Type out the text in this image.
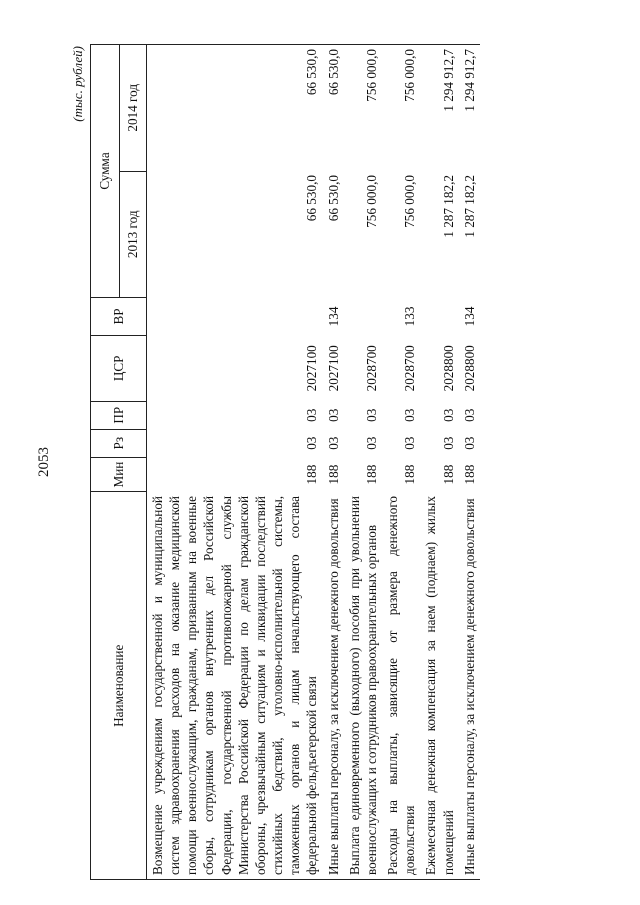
2053
(тыс. рублей)
Наименование	Мин	Рз	ПР	ЦСР	ВР	Сумма	
						2013 год	2014 год
Возмещение учреждениям государственной и муниципальной систем здравоохранения расходов на оказание медицинской помощи военнослужащим, гражданам, призванным на военные сборы, сотрудникам органов внутренних дел Российской Федерации, государственной противопожарной службы Министерства Российской Федерации по делам гражданской обороны, чрезвычайным ситуациям и ликвидации последствий стихийных бедствий, уголовно-исполнительной системы, таможенных органов и лицам начальствующего состава федеральной фельдъегерской связи	188	03	03	2027100		66 530,0	66 530,0
Иные выплаты персоналу, за исключением денежного довольствия	188	03	03	2027100	134	66 530,0	66 530,0
Выплата единовременного (выходного) пособия при увольнении военнослужащих и сотрудников правоохранительных органов	188	03	03	2028700		756 000,0	756 000,0
Расходы на выплаты, зависящие от размера денежного довольствия	188	03	03	2028700	133	756 000,0	756 000,0
Ежемесячная денежная компенсация за наем (поднаем) жилых помещений	188	03	03	2028800		1 287 182,2	1 294 912,7
Иные выплаты персоналу, за исключением денежного довольствия	188	03	03	2028800	134	1 287 182,2	1 294 912,7
